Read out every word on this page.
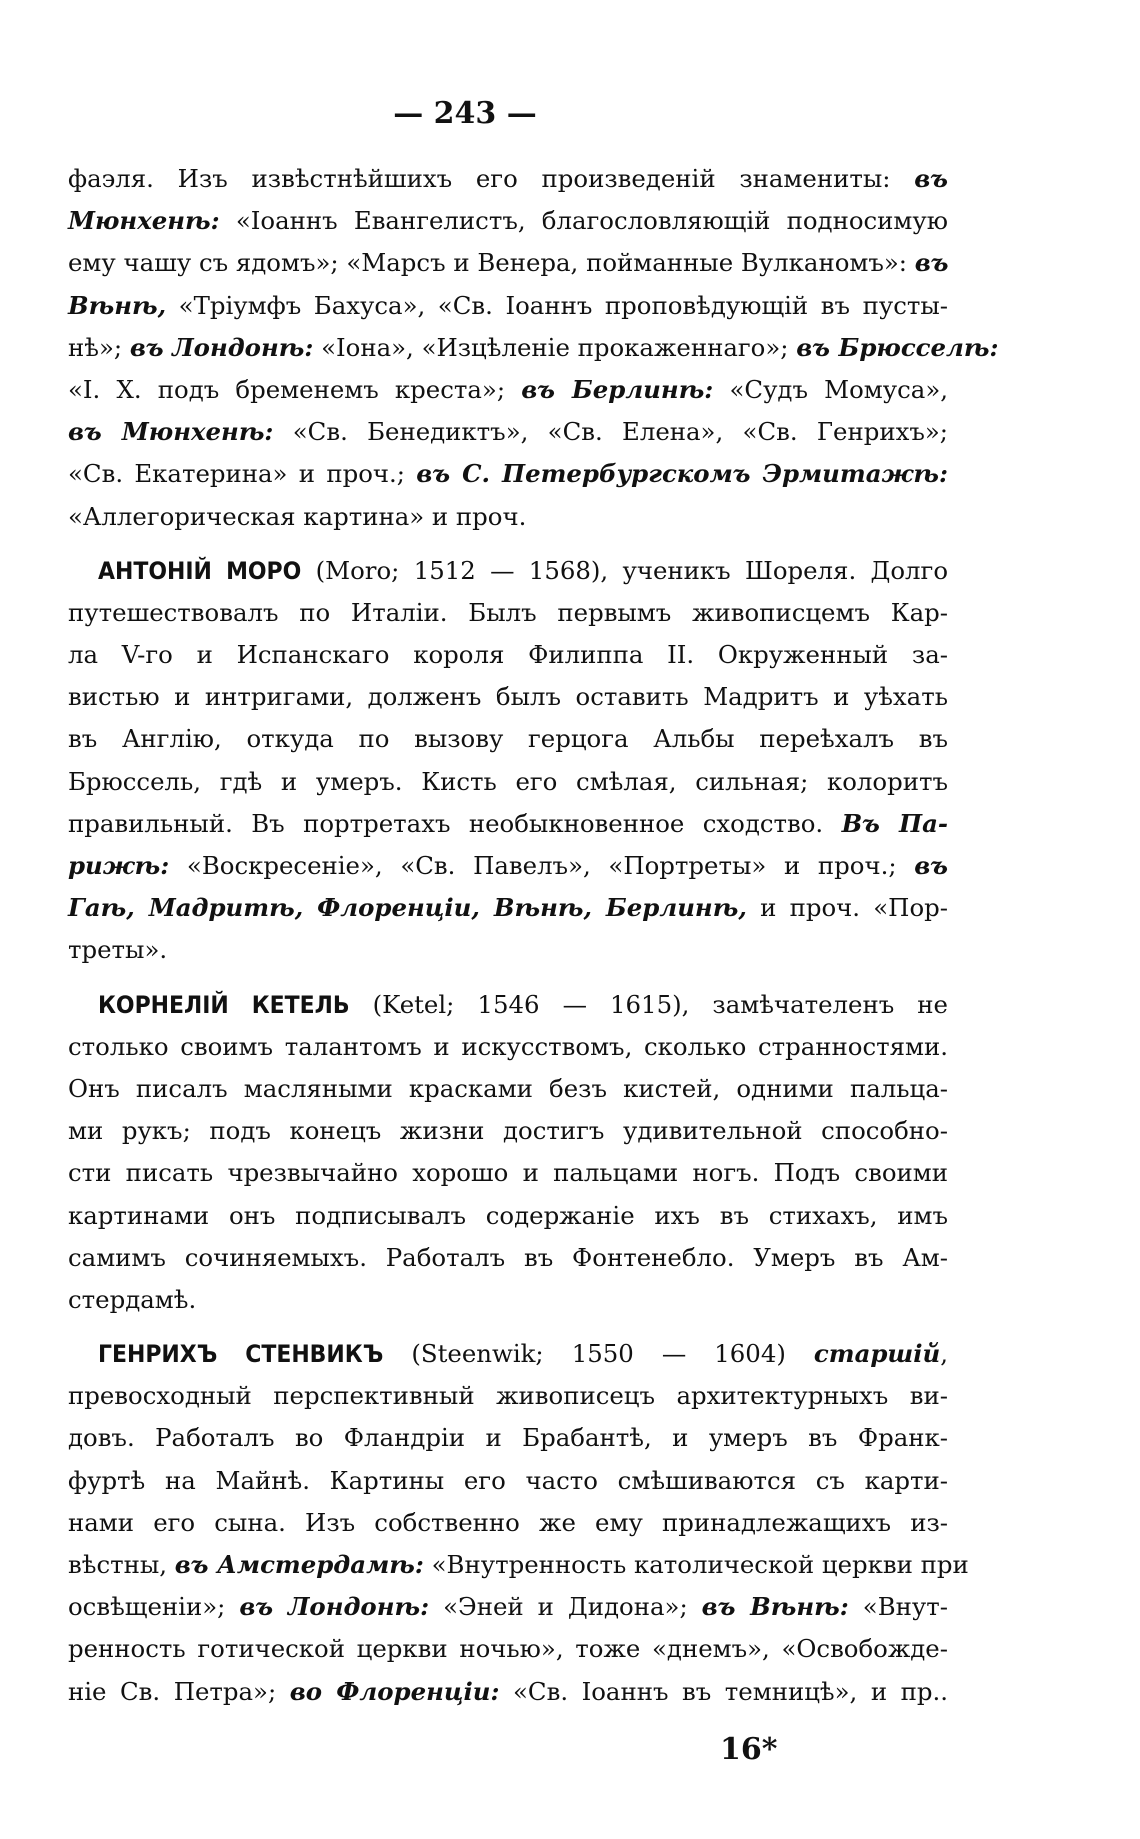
— 243 —
фаэля. Изъ извѣстнѣйшихъ его произведеній знамениты: въ
Мюнхенѣ: «Іоаннъ Евангелистъ, благословляющій подносимую
ему чашу съ ядомъ»; «Марсъ и Венера, пойманные Вулканомъ»: въ
Вѣнѣ, «Тріумфъ Бахуса», «Св. Іоаннъ проповѣдующій въ пусты-
нѣ»; въ Лондонѣ: «Іона», «Изцѣленіе прокаженнаго»; въ Брюсселѣ:
«І. Х. подъ бременемъ креста»; въ Берлинѣ: «Судъ Момуса»,
въ Мюнхенѣ: «Св. Бенедиктъ», «Св. Елена», «Св. Генрихъ»;
«Св. Екатерина» и проч.; въ С. Петербургскомъ Эрмитажѣ:
«Аллегорическая картина» и проч.
АНТОНІЙ МОРО (Moro; 1512 — 1568), ученикъ Шореля. Долго
путешествовалъ по Италіи. Былъ первымъ живописцемъ Кар-
ла V-го и Испанскаго короля Филиппа II. Окруженный за-
вистью и интригами, долженъ былъ оставить Мадритъ и уѣхать
въ Англію, откуда по вызову герцога Альбы переѣхалъ въ
Брюссель, гдѣ и умеръ. Кисть его смѣлая, сильная; колоритъ
правильный. Въ портретахъ необыкновенное сходство. Въ Па-
рижѣ: «Воскресеніе», «Св. Павелъ», «Портреты» и проч.; въ
Гаѣ, Мадритѣ, Флоренціи, Вѣнѣ, Берлинѣ, и проч. «Пор-
треты».
КОРНЕЛІЙ КЕТЕЛЬ (Ketel; 1546 — 1615), замѣчателенъ не
столько своимъ талантомъ и искусствомъ, сколько странностями.
Онъ писалъ масляными красками безъ кистей, одними пальца-
ми рукъ; подъ конецъ жизни достигъ удивительной способно-
сти писать чрезвычайно хорошо и пальцами ногъ. Подъ своими
картинами онъ подписывалъ содержаніе ихъ въ стихахъ, имъ
самимъ сочиняемыхъ. Работалъ въ Фонтенебло. Умеръ въ Ам-
стердамѣ.
ГЕНРИХЪ СТЕНВИКЪ (Steenwik; 1550 — 1604) старшій,
превосходный перспективный живописецъ архитектурныхъ ви-
довъ. Работалъ во Фландріи и Брабантѣ, и умеръ въ Франк-
фуртѣ на Майнѣ. Картины его часто смѣшиваются съ карти-
нами его сына. Изъ собственно же ему принадлежащихъ из-
вѣстны, въ Амстердамѣ: «Внутренность католической церкви при
освѣщеніи»; въ Лондонѣ: «Эней и Дидона»; въ Вѣнѣ: «Внут-
ренность готической церкви ночью», тоже «днемъ», «Освобожде-
ніе Св. Петра»; во Флоренціи: «Св. Іоаннъ въ темницѣ», и пр..
16*
